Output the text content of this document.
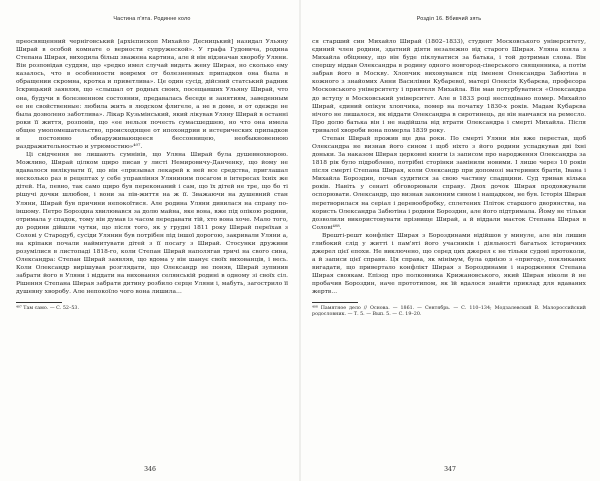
Частина п'ята. Родинне коло

преосвященний черніговський [архієпископ Михайло Десницький] назидал Ульяну Ширай в особой комнате о верности супружеской». У графа Гудовича, родина Степана Ширая, виходила більш зважена картина, але й він відзначав хворобу Уляни. Він розповідав суддям, що «редко имел случай видеть жену Ширая, но сколько ему казалось, что в особенности вовремя от болезненных припадков она была в обращении скромна, кротка и приветлива». Це один сусід, дійсний статський радник Іскрицький заявляв, що «слышал от родных своих, посещавших Ульяну Ширай, что она, будучи в болезненном состоянии, предавалась беседе и занятиям, заведенным ее не свойственные: любила жить в людском флигеле, а не в доме, и от одежде не была дозволено заботлива». Лікар Кузьмінський, який лікував Уляну Ширай в останні роки її життя, розповів, що «ее нельзя почесть сумасшедшею, но что она имела общее умопомешательство, происходящее от ипохондрии и истерических припадков и постоянно обнаруживающееся бессонницею, необыкновенною раздражительностью и угрюмостию»⁴⁰⁷.

Ці свідчення не лишають сумнівів, що Уляна Ширай була душевнохворою. Можливо, Ширай цілком щиро писав у листі Немировичу-Данченку, що йому не вдавалося вилікувати її, що він «призывал лекарей к ней все средства, приглашал несколько раз в рецептах у себе управління Уляниним посагом в інтересах їхніх же дітей. На, певно, так само щиро був переконаний і сам, що їх дітей не тре, що бо ті рішучі дочки шлюбом, і вони за пів-життя на ж її. Зважаючи на душевний стан Уляни, Ширай був причини непокоїтися. Але родина Уляни дивилася на справу по-іншому. Петро Бороздна хвилювався за долю майна, яке вона, вже під опікою родини, отримала у спадок, тому він думав із часом передавати тій, хто вона хоче. Мало того, до родини дійшли чутки, що після того, як у грудні 1811 року Ширай переїхав з Солові у Стародуб, сусіди Улянин був потрібен під іншої дорогою, закривали Уляни а, на кріпаки почали наймитувати дітей з її посагу з Ширай. Стосунки дружини розумілися в листопаді 1818-го, коли Степан Ширай наполягав тричі на свого сина, Олександра: Степан Ширай заявляв, що вдома у він шанує своїх вихованців, і весь. Коли Олександр вирішував розглядати, що Олександр не поняв, Ширай зупинив забрати його в Уляни і віддати на виховання селянській родині в одному зі своїх сіл. Рішення Степана Ширая забрати дитину розбило серце Уляни і, мабуть, загострило її душевну хворобу. Але непокоїло чого вона лишила…

⁴⁰⁷ Там само. — С. 52–53.

346
Розділ 16. Вбивчий зять

ся старший син Михайло Ширай (1802–1833), студент Московського університету, єдиний член родини, здатний діяти незалежно від старого Ширая. Уляна взяла з Михайла обіцянку, що він буде піклуватися за батька, і той дотримав слова. Він спершу віддав Олександра в родину одного новгород-сіверського священника, а потім забрав його в Москву. Хлопчик виховувався під іменем Олександра Забютіна в кожного з знайомих Анни Василівни Кубаревої, матері Олексія Кубарєва, професора Московського університету і приятеля Михайла. Він мав потурбуватися «Олександра до вступу в Московський університет. Але в 1833 році несподівано помер. Михайло Ширай, єдиний опікун хлопчика, помер на початку 1830-х років. Мадам Кубарєва нічого не лишалося, як віддати Олександра в сиротинець, де він навчався на ремесло. Про долю батька він і не надійшла від втрати Олександра і смерті Михайла. Після тривалої хвороби вона померла 1839 року.

Степан Ширай прожив ще два роки. По смерті Уляни він вже перестав, щоб Олександра не визнав його сином і щоб ніхто з його родини успадкував дві їхні доньки. За наказом Ширая церковні книги із записом про народження Олександра за 1818 рік було підроблено, потрібні сторінки замінили новими. І лише через 10 років після смерті Степана Ширая, коли Олександр при допомозі материних братів, Івана і Михайла Бороздин, почав судитися за свою частину спадщини. Суд тривав кілька років. Навіть у сенаті обговорювали справу. Двох дочок Ширая продовжували оспорювати. Олександр, що визнав законним сином і нащадком, не був. Історія Ширая перетворилася на серіал і деревообробку, сплетених Пліток старшого дворянства, на користь Олександра Забютіна і родини Бороздин, але його підтримала. Йому не тільки дозволили використовувати прізвище Ширай, а й віддали маєток Степана Ширая в Солові⁴⁰⁸.

Врешті-решт конфлікт Ширая з Бороздинами відійшов у минуле, але він лишив глибокий слід у житті і пам'яті його учасників і діяльності багатьох історичних джерел цієї епохи. Не виключено, що серед цих джерел є не тільки судові протоколи, а й записи цієї справи. Ця справа, як мінімум, була однією з «пригод», покликаних вигадати, що привертало конфлікт Ширая з Бороздинами і народження Степана Ширая своякам. Епізод про полковника Крижановського, який Ширая ніколи й не пробачив Бороздин, наче прототипом, як їй вдалося знайти приклад для вдаваних жертв…

⁴⁰⁸ Памятное дело // Основа. — 1861. — Сентябрь. — С. 110–134; Модзалевский В. Малороссийский родословник. — Т. 5. — Вып. 5. — С. 19–20.

347
